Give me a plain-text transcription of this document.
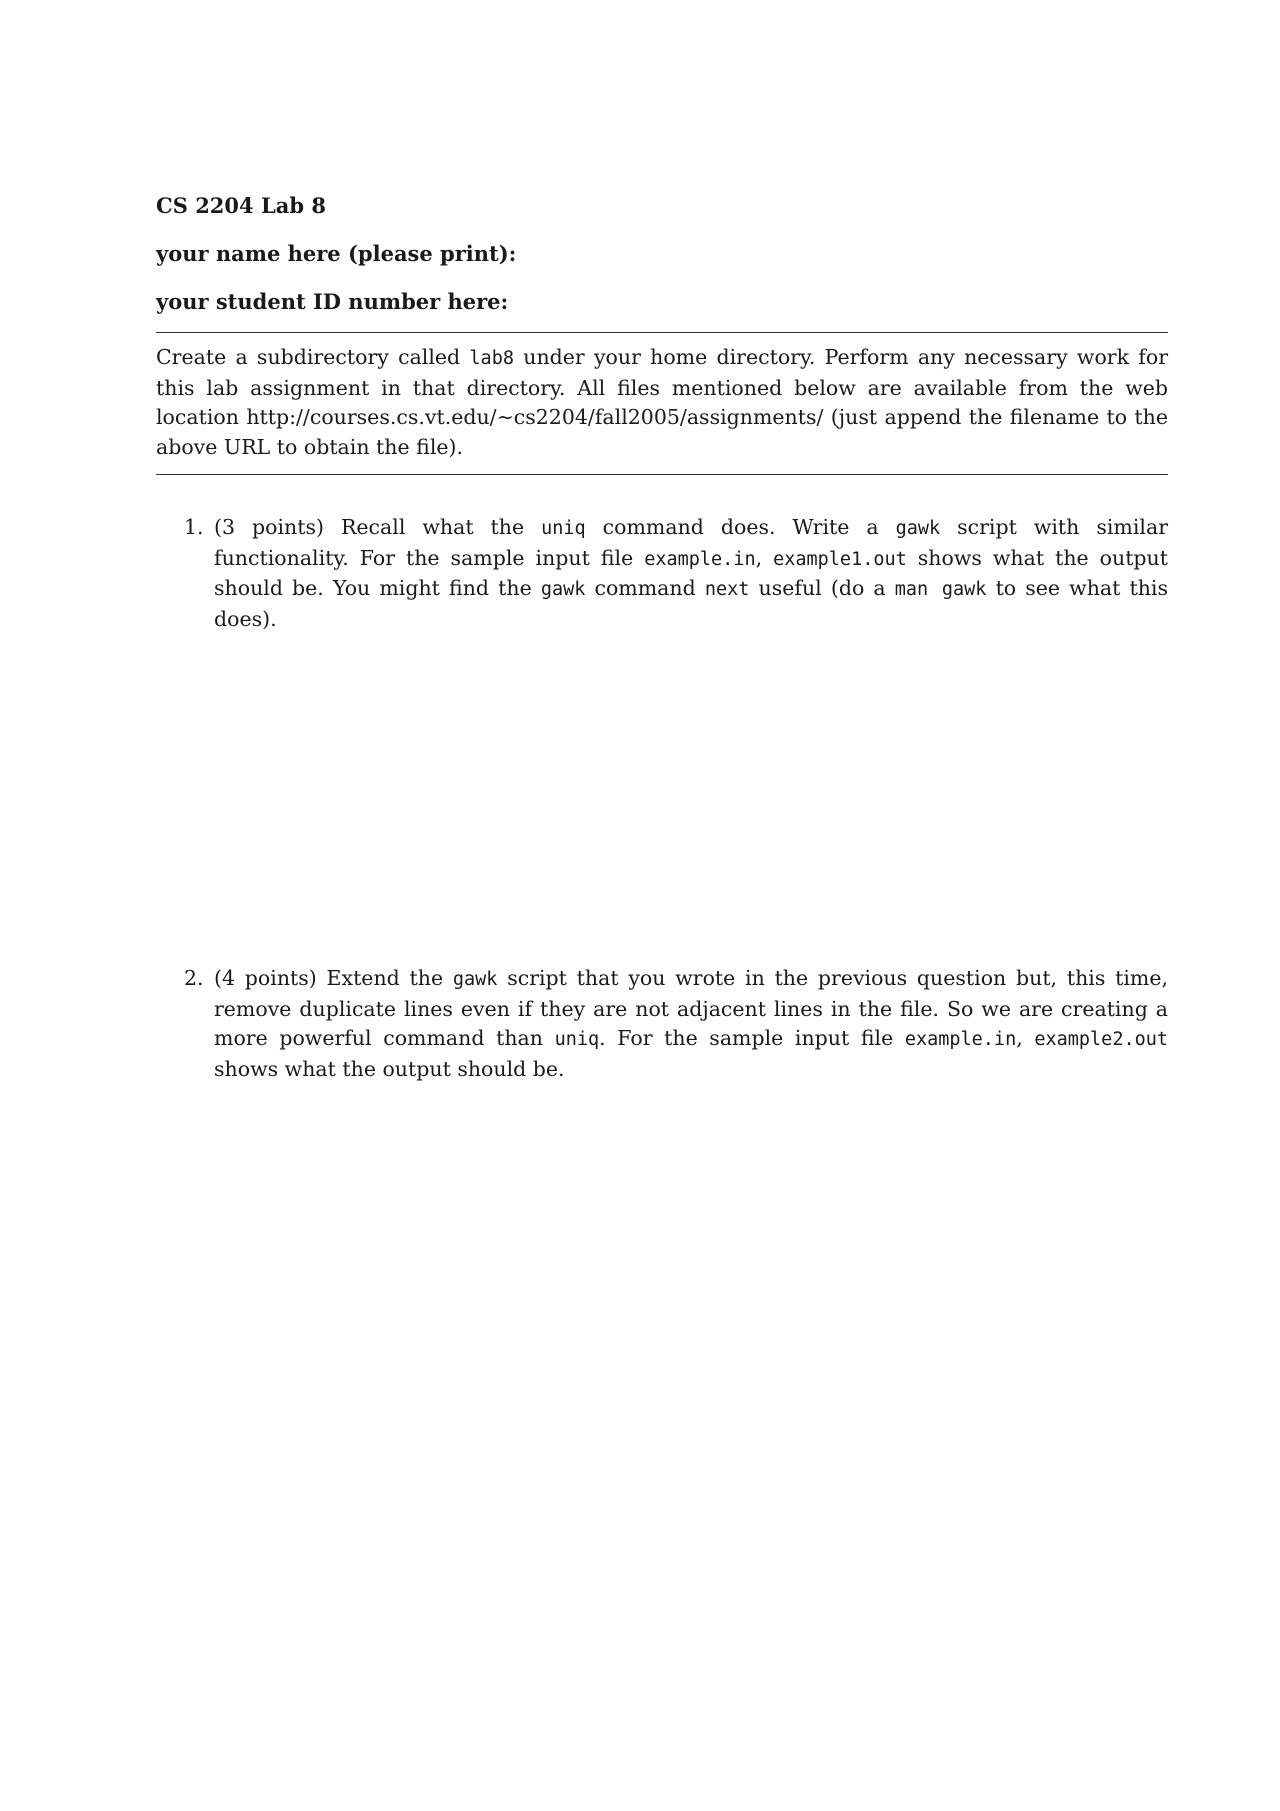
CS 2204 Lab 8

your name here (please print):

your student ID number here:

Create a subdirectory called lab8 under your home directory. Perform any necessary work for this lab assignment in that directory. All files mentioned below are available from the web location http://courses.cs.vt.edu/∼cs2204/fall2005/assignments/ (just append the filename to the above URL to obtain the file).

1. (3 points) Recall what the uniq command does. Write a gawk script with similar functionality. For the sample input file example.in, example1.out shows what the output should be. You might find the gawk command next useful (do a man gawk to see what this does).
2. (4 points) Extend the gawk script that you wrote in the previous question but, this time, remove duplicate lines even if they are not adjacent lines in the file. So we are creating a more powerful command than uniq. For the sample input file example.in, example2.out shows what the output should be.
